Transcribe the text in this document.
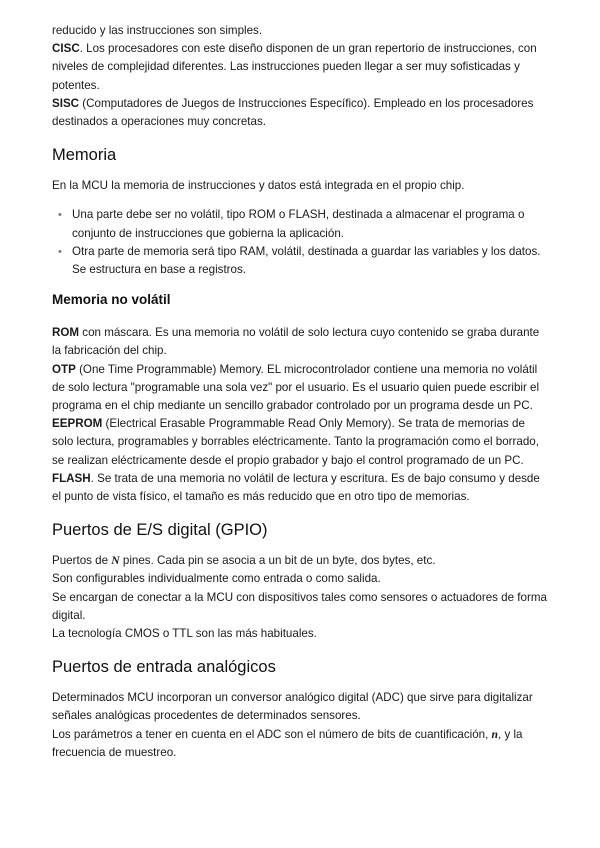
reducido y las instrucciones son simples.

CISC. Los procesadores con este diseño disponen de un gran repertorio de instrucciones, con niveles de complejidad diferentes. Las instrucciones pueden llegar a ser muy sofisticadas y potentes.

SISC (Computadores de Juegos de Instrucciones Específico). Empleado en los procesadores destinados a operaciones muy concretas.

Memoria

En la MCU la memoria de instrucciones y datos está integrada en el propio chip.

• Una parte debe ser no volátil, tipo ROM o FLASH, destinada a almacenar el programa o conjunto de instrucciones que gobierna la aplicación.
• Otra parte de memoria será tipo RAM, volátil, destinada a guardar las variables y los datos. Se estructura en base a registros.
Memoria no volátil

ROM con máscara. Es una memoria no volátil de solo lectura cuyo contenido se graba durante la fabricación del chip.

OTP (One Time Programmable) Memory. EL microcontrolador contiene una memoria no volátil de solo lectura "programable una sola vez" por el usuario. Es el usuario quien puede escribir el programa en el chip mediante un sencillo grabador controlado por un programa desde un PC.

EEPROM (Electrical Erasable Programmable Read Only Memory). Se trata de memorias de solo lectura, programables y borrables eléctricamente. Tanto la programación como el borrado, se realizan eléctricamente desde el propio grabador y bajo el control programado de un PC.

FLASH. Se trata de una memoria no volátil de lectura y escritura. Es de bajo consumo y desde el punto de vista físico, el tamaño es más reducido que en otro tipo de memorias.

Puertos de E/S digital (GPIO)

Puertos de N pines. Cada pin se asocia a un bit de un byte, dos bytes, etc.

Son configurables individualmente como entrada o como salida.

Se encargan de conectar a la MCU con dispositivos tales como sensores o actuadores de forma digital.

La tecnología CMOS o TTL son las más habituales.

Puertos de entrada analógicos

Determinados MCU incorporan un conversor analógico digital (ADC) que sirve para digitalizar señales analógicas procedentes de determinados sensores.

Los parámetros a tener en cuenta en el ADC son el número de bits de cuantificación, n, y la frecuencia de muestreo.
